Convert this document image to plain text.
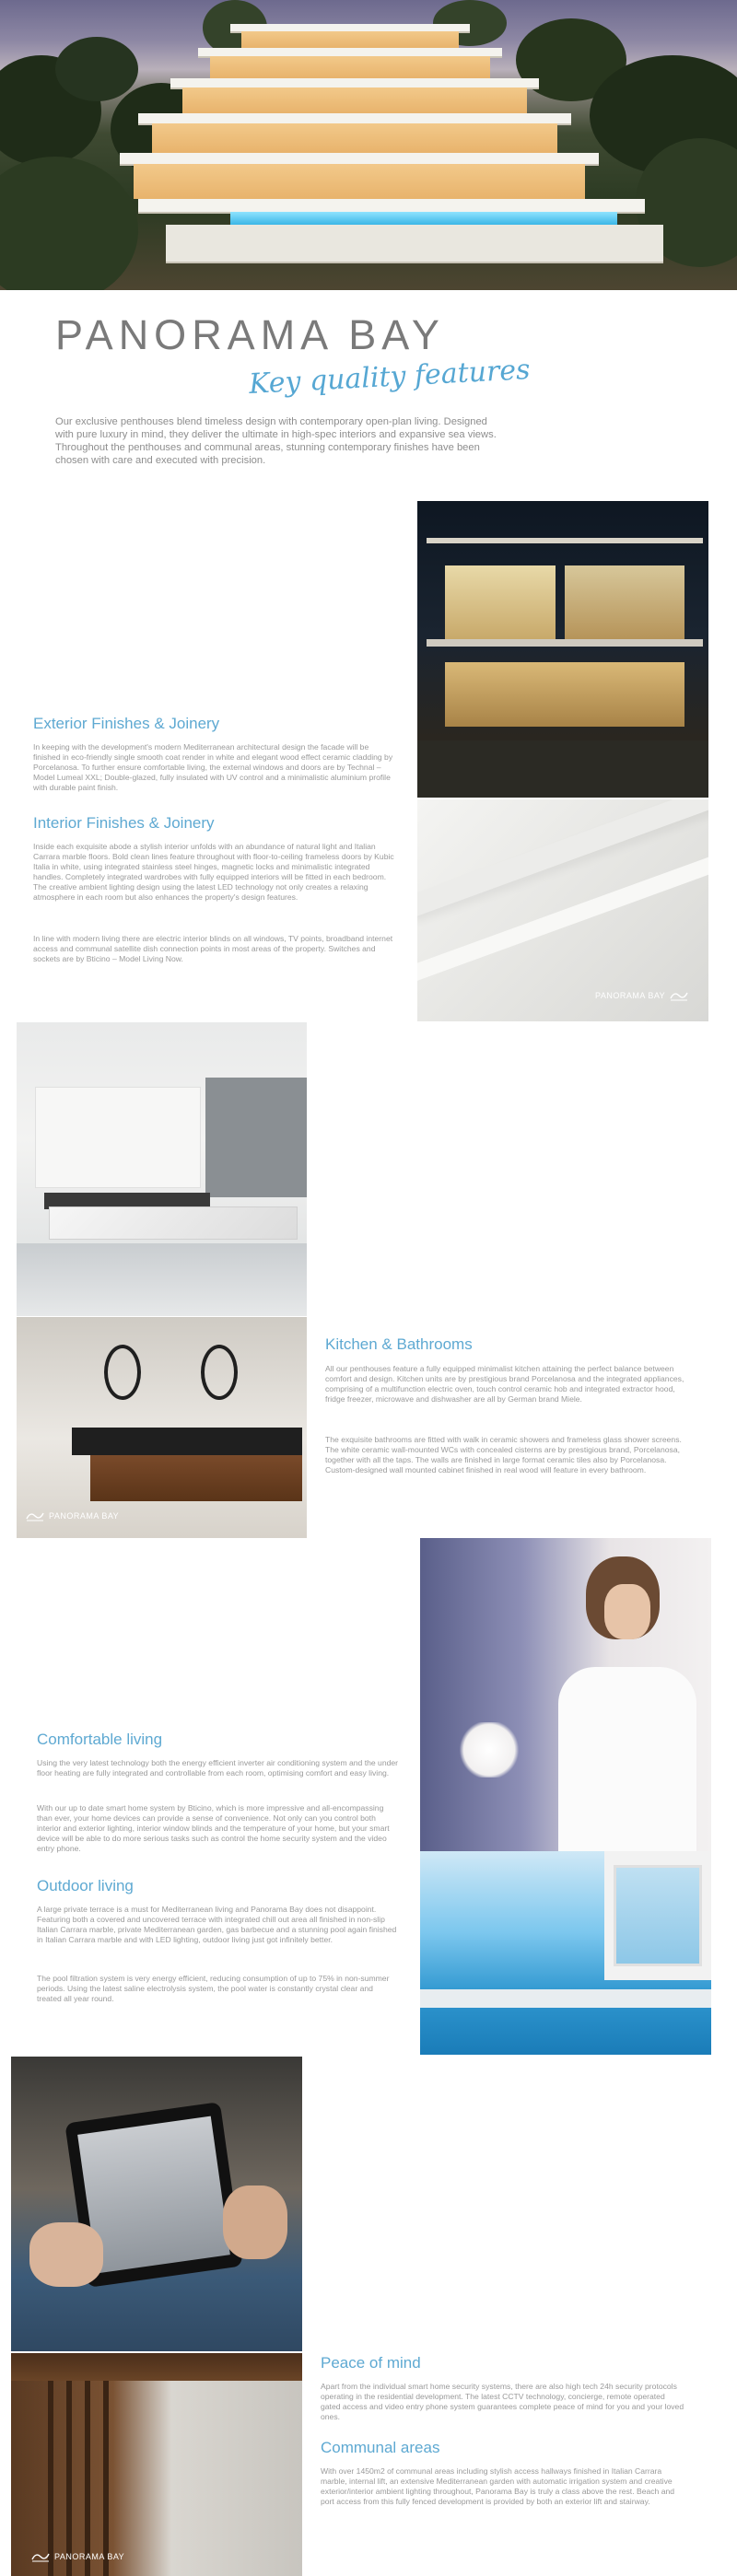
PANORAMA BAY
Key quality features

Our exclusive penthouses blend timeless design with contemporary open-plan living. Designed with pure luxury in mind, they deliver the ultimate in high-spec interiors and expansive sea views. Throughout the penthouses and communal areas, stunning contemporary finishes have been chosen with care and executed with precision.

PANORAMA BAY
Exterior Finishes & Joinery

In keeping with the development's modern Mediterranean architectural design the facade will be finished in eco-friendly single smooth coat render in white and elegant wood effect ceramic cladding by Porcelanosa. To further ensure comfortable living, the external windows and doors are by Technal – Model Lumeal XXL; Double-glazed, fully insulated with UV control and a minimalistic aluminium profile with durable paint finish.

Interior Finishes & Joinery

Inside each exquisite abode a stylish interior unfolds with an abundance of natural light and Italian Carrara marble floors. Bold clean lines feature throughout with floor-to-ceiling frameless doors by Kubic Italia in white, using integrated stainless steel hinges, magnetic locks and minimalistic integrated handles. Completely integrated wardrobes with fully equipped interiors will be fitted in each bedroom. The creative ambient lighting design using the latest LED technology not only creates a relaxing atmosphere in each room but also enhances the property's design features.

In line with modern living there are electric interior blinds on all windows, TV points, broadband internet access and communal satellite dish connection points in most areas of the property. Switches and sockets are by Bticino – Model Living Now.

PANORAMA BAY
Kitchen & Bathrooms

All our penthouses feature a fully equipped minimalist kitchen attaining the perfect balance between comfort and design. Kitchen units are by prestigious brand Porcelanosa and the integrated appliances, comprising of a multifunction electric oven, touch control ceramic hob and integrated extractor hood, fridge freezer, microwave and dishwasher are all by German brand Miele.

The exquisite bathrooms are fitted with walk in ceramic showers and frameless glass shower screens. The white ceramic wall-mounted WCs with concealed cisterns are by prestigious brand, Porcelanosa, together with all the taps. The walls are finished in large format ceramic tiles also by Porcelanosa. Custom-designed wall mounted cabinet finished in real wood will feature in every bathroom.

Comfortable living

Using the very latest technology both the energy efficient inverter air conditioning system and the under floor heating are fully integrated and controllable from each room, optimising comfort and easy living.

With our up to date smart home system by Bticino, which is more impressive and all-encompassing than ever, your home devices can provide a sense of convenience. Not only can you control both interior and exterior lighting, interior window blinds and the temperature of your home, but your smart device will be able to do more serious tasks such as control the home security system and the video entry phone.

Outdoor living

A large private terrace is a must for Mediterranean living and Panorama Bay does not disappoint. Featuring both a covered and uncovered terrace with integrated chill out area all finished in non-slip Italian Carrara marble, private Mediterranean garden, gas barbecue and a stunning pool again finished in Italian Carrara marble and with LED lighting, outdoor living just got infinitely better.

The pool filtration system is very energy efficient, reducing consumption of up to 75% in non-summer periods. Using the latest saline electrolysis system, the pool water is constantly crystal clear and treated all year round.

PANORAMA BAY
Peace of mind

Apart from the individual smart home security systems, there are also high tech 24h security protocols operating in the residential development. The latest CCTV technology, concierge, remote operated gated access and video entry phone system guarantees complete peace of mind for you and your loved ones.

Communal areas

With over 1450m2 of communal areas including stylish access hallways finished in Italian Carrara marble, internal lift, an extensive Mediterranean garden with automatic irrigation system and creative exterior/interior ambient lighting throughout, Panorama Bay is truly a class above the rest. Beach and port access from this fully fenced development is provided by both an exterior lift and stairway.
